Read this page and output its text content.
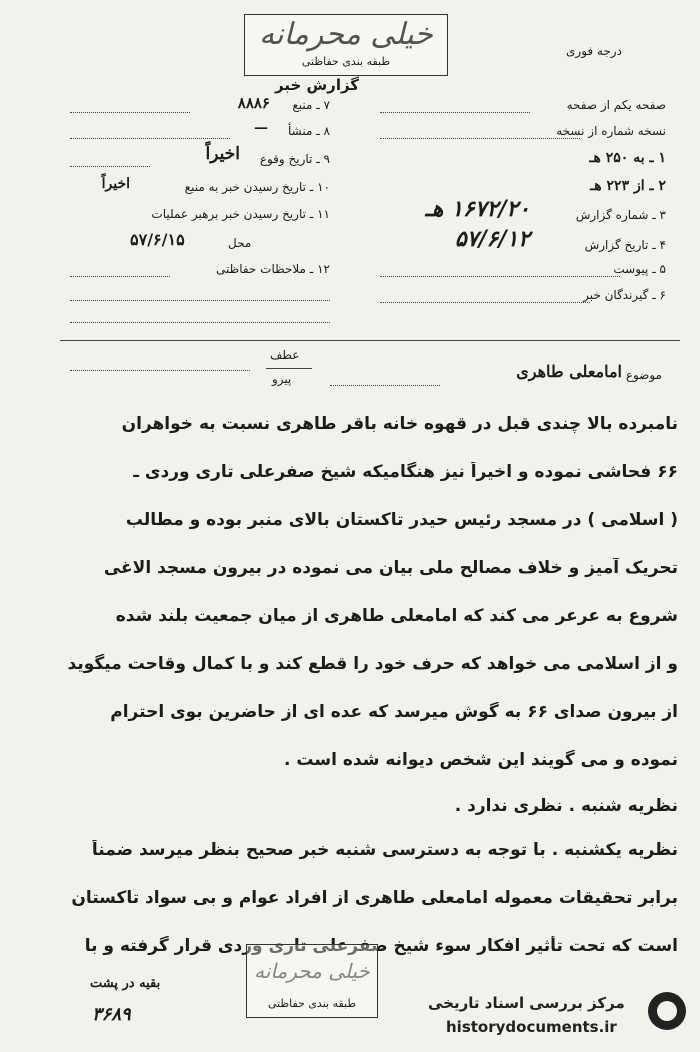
خیلی محرمانه
طبقه بندی حفاظتی
گزارش خبر
درجه فوری
صفحه یکم از صفحه
نسخه شماره از نسخه
۱ ـ به ۲۵۰ هـ
۲ ـ از ۲۲۳ هـ
۳ ـ شماره گزارش
۱۶۷۲/۲۰ هـ
۴ ـ تاریخ گزارش
۵۷/۶/۱۲
۵ ـ پیوست
۶ ـ گیرندگان خبر
۷ ـ منبع
۸۸۸۶
۸ ـ منشأ
—
۹ ـ تاریخ وقوع
اخیراً
۱۰ ـ تاریخ رسیدن خبر به منبع
اخیراً
۱۱ ـ تاریخ رسیدن خبر برهبر عملیات
محل
۵۷/۶/۱۵
۱۲ ـ ملاحظات حفاظتی
موضوع
امامعلی طاهری
عطف
پیرو
نامبرده بالا چندی قبل در قهوه خانه باقر طاهری نسبت به خواهران
۶۶ فحاشی نموده و اخیراً نیز هنگامیکه شیخ صفرعلی تاری وردی ـ
( اسلامی ) در مسجد رئیس حیدر تاکستان بالای منبر بوده و مطالب
تحریک آمیز و خلاف مصالح ملی بیان می نموده در بیرون مسجد الاغی
شروع به عرعر می کند که امامعلی طاهری از میان جمعیت بلند شده
و از اسلامی می خواهد که حرف خود را قطع کند و با کمال وقاحت میگوید
از بیرون صدای ۶۶ به گوش میرسد که عده ای از حاضرین بوی احترام
نموده و می گویند این شخص دیوانه شده است .
نظریه شنبه . نظری ندارد .
نظریه یکشنبه . با توجه به دسترسی شنبه خبر صحیح بنظر میرسد ضمناً
برابر تحقیقات معموله امامعلی طاهری از افراد عوام و بی سواد تاکستان
است که تحت تأثیر افکار سوء شیخ صفرعلی تاری وردی قرار گرفته و با
بقیه در پشت
خیلی محرمانه
طبقه بندی حفاظتی
۳۶۸۹
مرکز بررسی اسناد تاریخی
historydocuments.ir
